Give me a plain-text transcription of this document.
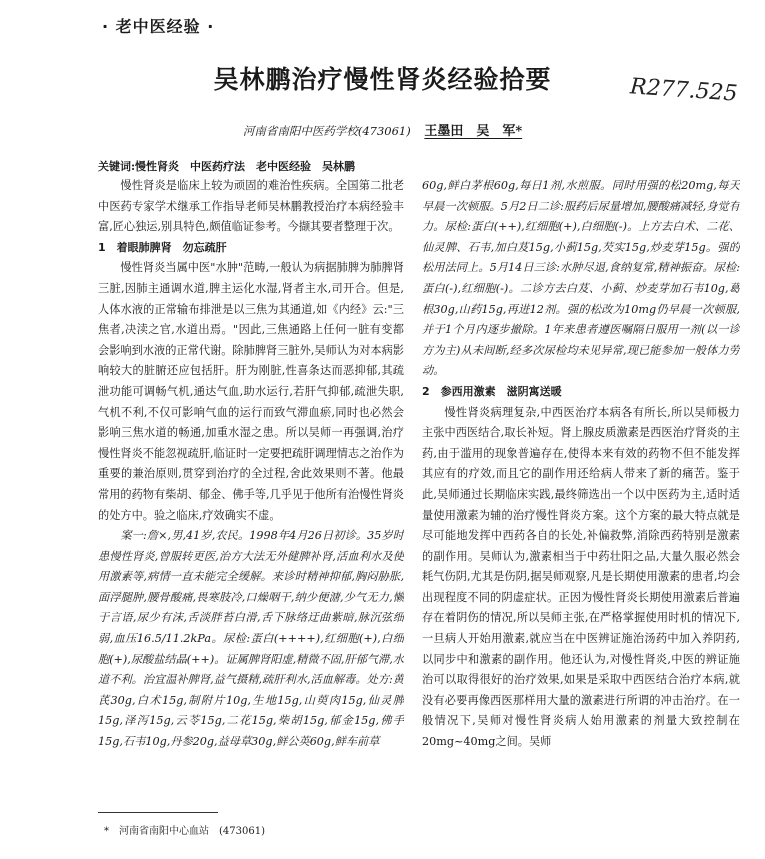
· 老中医经验 ·
吴林鹏治疗慢性肾炎经验拾要	R277.525
河南省南阳中医药学校(473061) 王墨田　吴　军*
关键词:慢性肾炎　中医药疗法　老中医经验　吴林鹏

慢性肾炎是临床上较为顽固的难治性疾病。全国第二批老中医药专家学术继承工作指导老师吴林鹏教授治疗本病经验丰富,匠心独运,别具特色,颇值临证参考。今撷其要者整理于次。

1　着眼肺脾肾　勿忘疏肝

慢性肾炎当属中医"水肿"范畴,一般认为病据肺脾为肺脾肾三脏,因肺主通调水道,脾主运化水湿,肾者主水,司开合。但是,人体水液的正常输布排泄是以三焦为其通道,如《内经》云:"三焦者,决渎之官,水道出焉。"因此,三焦通路上任何一脏有变都会影响到水液的正常代谢。除肺脾肾三脏外,吴师认为对本病影响较大的脏腑还应包括肝。肝为刚脏,性喜条达而恶抑郁,其疏泄功能可调畅气机,通达气血,助水运行,若肝气抑郁,疏泄失职,气机不利,不仅可影响气血的运行而致气滞血瘀,同时也必然会影响三焦水道的畅通,加重水湿之患。所以吴师一再强调,治疗慢性肾炎不能忽视疏肝,临证时一定要把疏肝调理情志之治作为重要的兼治原则,贯穿到治疗的全过程,舍此效果则不著。他最常用的药物有柴胡、郁金、佛手等,几乎见于他所有治慢性肾炎的处方中。验之临床,疗效确实不虚。

案一:詹×,男,41岁,农民。1998年4月26日初诊。35岁时患慢性肾炎,曾服转更医,治方大法无外健脾补肾,活血利水及使用激素等,病情一直未能完全缓解。来诊时精神抑郁,胸闷胁胀,面浮腿肿,腰骨酸痛,畏寒肢冷,口燥咽干,纳少便溏,少气无力,懒于言语,尿少有沫,舌淡胖苔白滑,舌下脉络迂曲紫暗,脉沉弦细弱,血压16.5/11.2kPa。尿检:蛋白(++++),红细胞(+),白细胞(+),尿酸盐结晶(++)。证属脾肾阳虚,精微不固,肝郁气滞,水道不利。治宜温补脾肾,益气摄精,疏肝利水,活血解毒。处方:黄芪30g,白术15g,制附片10g,生地15g,山萸肉15g,仙灵脾15g,泽泻15g,云苓15g,二花15g,柴胡15g,郁金15g,佛手15g,石韦10g,丹参20g,益母草30g,鲜公英60g,鲜车前草

60g,鲜白茅根60g,每日1剂,水煎服。同时用强的松20mg,每天早晨一次顿服。5月2日二诊:服药后尿量增加,腰酸痛减轻,身觉有力。尿检:蛋白(++),红细胞(+),白细胞(-)。上方去白术、二花、仙灵脾、石韦,加白芨15g,小蓟15g,芡实15g,炒麦芽15g。强的松用法同上。5月14日三诊:水肿尽退,食纳复常,精神振奋。尿检:蛋白(-),红细胞(-)。二诊方去白芨、小蓟、炒麦芽加石韦10g,葛根30g,山药15g,再进12剂。强的松改为10mg仍早晨一次顿服,并于1个月内逐步撤除。1年来患者遵医嘱隔日服用一剂(以一诊方为主)从未间断,经多次尿检均未见异常,现已能参加一般体力劳动。

2　参西用激素　滋阴寓送暖

慢性肾炎病理复杂,中西医治疗本病各有所长,所以吴师极力主张中西医结合,取长补短。肾上腺皮质激素是西医治疗肾炎的主药,由于滥用的现象普遍存在,使得本来有效的药物不但不能发挥其应有的疗效,而且它的副作用还给病人带来了新的痛苦。鉴于此,吴师通过长期临床实践,最终筛选出一个以中医药为主,适时适量使用激素为辅的治疗慢性肾炎方案。这个方案的最大特点就是尽可能地发挥中西药各自的长处,补偏救弊,消除西药特别是激素的副作用。吴师认为,激素相当于中药壮阳之品,大量久服必然会耗气伤阴,尤其是伤阴,据吴师观察,凡是长期使用激素的患者,均会出现程度不同的阴虚症状。正因为慢性肾炎长期使用激素后普遍存在着阴伤的情况,所以吴师主张,在严格掌握使用时机的情况下,一旦病人开始用激素,就应当在中医辨证施治汤药中加入养阴药,以同步中和激素的副作用。他还认为,对慢性肾炎,中医的辨证施治可以取得很好的治疗效果,如果是采取中西医结合治疗本病,就没有必要再像西医那样用大量的激素进行所谓的冲击治疗。在一般情况下,吴师对慢性肾炎病人始用激素的剂量大致控制在20mg~40mg之间。吴师

*　河南省南阳中心血站　(473061)
